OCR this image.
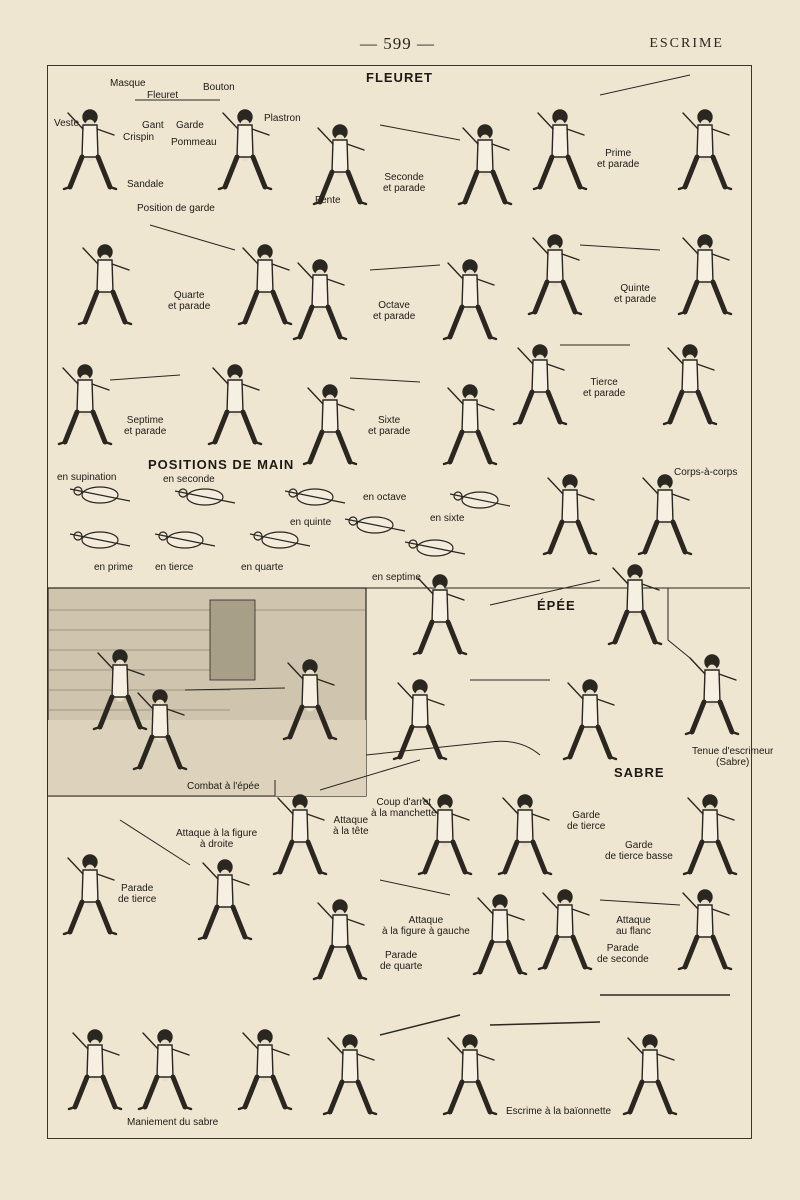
— 599 —	ESCRIME
FLEURET
POSITIONS DE MAIN
ÉPÉE
SABRE
Masque
Fleuret
Bouton
Veste	Gant Garde
Crispin
Plastron
Pommeau
Sandale
Position de garde
Fente
Seconde
et parade
Prime
et parade
Quarte
et parade	Octave
et parade
Quinte
et parade
Septime
et parade
Sixte
et parade
Tierce
et parade
Corps-à-corps
en supination	en seconde
en octave
en quinte	en sixte
en prime en tierce	en quarte
en septime
Combat à l'épée
Tenue d'escrimeur
(Sabre)
Coup d'arret
à la manchette
Attaque
à la tête
Garde
de tierce
Garde
de tierce basse
Attaque à la figure
à droite
Parade
de tierce
Attaque
à la figure à gauche
Attaque
au flanc
Parade
de quarte
Parade
de seconde
Maniement du sabre
Escrime à la baïonnette
